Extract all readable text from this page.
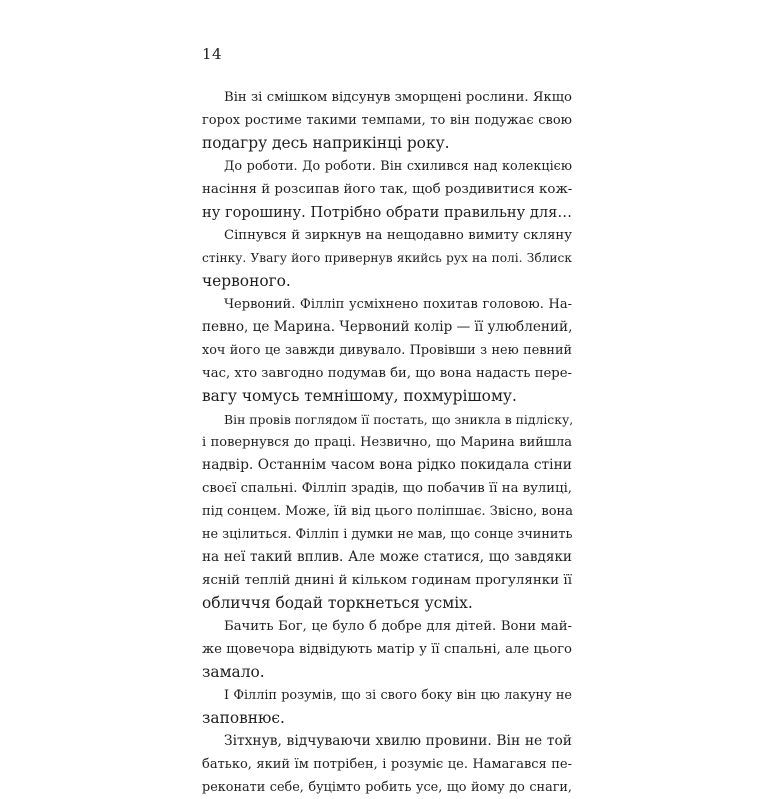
14
Він зі смішком відсунув зморщені рослини. Якщо
горох ростиме такими темпами, то він подужає свою
подагру десь наприкінці року.
До роботи. До роботи. Він схилився над колекцією
насіння й розсипав його так, щоб роздивитися кож-
ну горошину. Потрібно обрати правильну для…
Сіпнувся й зиркнув на нещодавно вимиту скляну
стінку. Увагу його привернув якийсь рух на полі. Зблиск
червоного.
Червоний. Філліп усміхнено похитав головою. На-
певно, це Марина. Червоний колір — її улюблений,
хоч його це завжди дивувало. Провівши з нею певний
час, хто завгодно подумав би, що вона надасть пере-
вагу чомусь темнішому, похмурішому.
Він провів поглядом її постать, що зникла в підліску,
і повернувся до праці. Незвично, що Марина вийшла
надвір. Останнім часом вона рідко покидала стіни
своєї спальні. Філліп зрадів, що побачив її на вулиці,
під сонцем. Може, їй від цього поліпшає. Звісно, вона
не зцілиться. Філліп і думки не мав, що сонце зчинить
на неї такий вплив. Але може статися, що завдяки
ясній теплій днині й кільком годинам прогулянки її
обличчя бодай торкнеться усміх.
Бачить Бог, це було б добре для дітей. Вони май-
же щовечора відвідують матір у її спальні, але цього
замало.
І Філліп розумів, що зі свого боку він цю лакуну не
заповнює.
Зітхнув, відчуваючи хвилю провини. Він не той
батько, який їм потрібен, і розуміє це. Намагався пе-
реконати себе, буцімто робить усе, що йому до снаги,
